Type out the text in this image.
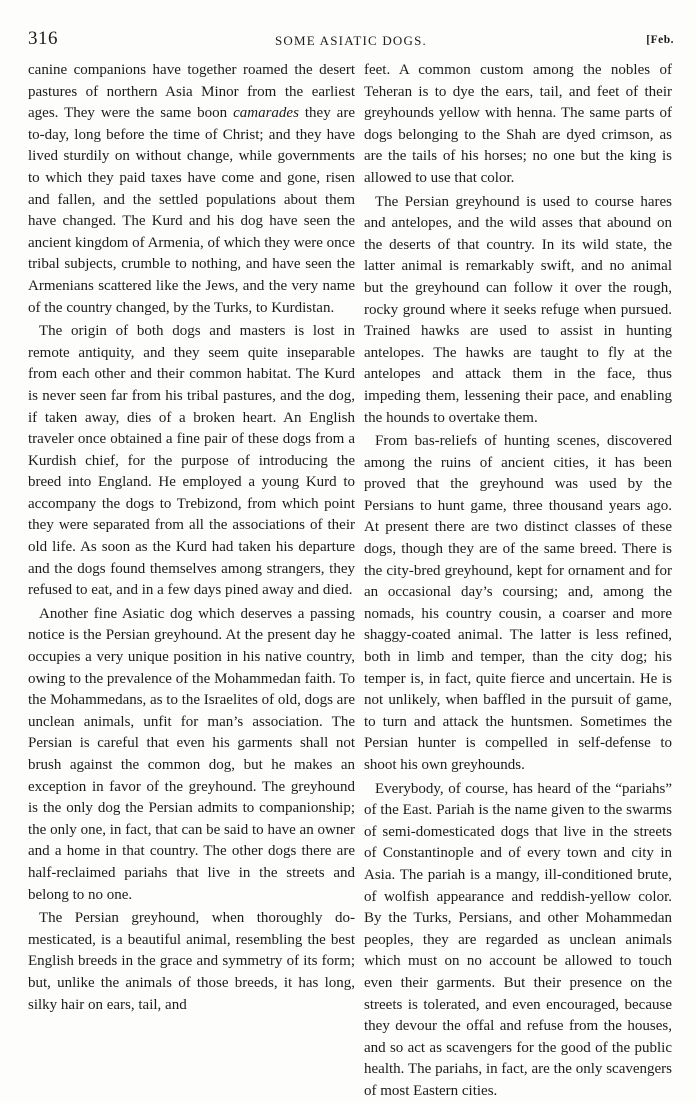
316	SOME ASIATIC DOGS.	[Feb.

canine companions have together roamed the desert pastures of northern Asia Minor from the earliest ages. They were the same boon camarades they are to-day, long before the time of Christ; and they have lived sturdily on without change, while governments to which they paid taxes have come and gone, risen and fallen, and the settled populations about them have changed. The Kurd and his dog have seen the ancient kingdom of Armenia, of which they were once tribal subjects, crumble to nothing, and have seen the Armenians scattered like the Jews, and the very name of the country changed, by the Turks, to Kurdistan.

The origin of both dogs and masters is lost in remote antiquity, and they seem quite inseparable from each other and their common habitat. The Kurd is never seen far from his tribal pastures, and the dog, if taken away, dies of a broken heart. An English traveler once obtained a fine pair of these dogs from a Kurdish chief, for the purpose of introducing the breed into England. He employed a young Kurd to accompany the dogs to Trebizond, from which point they were separated from all the associations of their old life. As soon as the Kurd had taken his departure and the dogs found themselves among strangers, they refused to eat, and in a few days pined away and died.

Another fine Asiatic dog which deserves a passing notice is the Persian greyhound. At the present day he occupies a very unique position in his native country, owing to the prevalence of the Mohammedan faith. To the Mohammedans, as to the Israelites of old, dogs are unclean animals, unfit for man’s association. The Persian is careful that even his garments shall not brush against the common dog, but he makes an exception in favor of the greyhound. The greyhound is the only dog the Persian admits to companionship; the only one, in fact, that can be said to have an owner and a home in that country. The other dogs there are half-reclaimed pariahs that live in the streets and belong to no one.

The Persian greyhound, when thoroughly domesticated, is a beautiful animal, resembling the best English breeds in the grace and symmetry of its form; but, unlike the animals of those breeds, it has long, silky hair on ears, tail, and

feet. A common custom among the nobles of Teheran is to dye the ears, tail, and feet of their greyhounds yellow with henna. The same parts of dogs belonging to the Shah are dyed crimson, as are the tails of his horses; no one but the king is allowed to use that color.

The Persian greyhound is used to course hares and antelopes, and the wild asses that abound on the deserts of that country. In its wild state, the latter animal is remarkably swift, and no animal but the greyhound can follow it over the rough, rocky ground where it seeks refuge when pursued. Trained hawks are used to assist in hunting antelopes. The hawks are taught to fly at the antelopes and attack them in the face, thus impeding them, lessening their pace, and enabling the hounds to overtake them.

From bas-reliefs of hunting scenes, discovered among the ruins of ancient cities, it has been proved that the greyhound was used by the Persians to hunt game, three thousand years ago. At present there are two distinct classes of these dogs, though they are of the same breed. There is the city-bred greyhound, kept for ornament and for an occasional day’s coursing; and, among the nomads, his country cousin, a coarser and more shaggy-coated animal. The latter is less refined, both in limb and temper, than the city dog; his temper is, in fact, quite fierce and uncertain. He is not unlikely, when baffled in the pursuit of game, to turn and attack the huntsmen. Sometimes the Persian hunter is compelled in self-defense to shoot his own greyhounds.

Everybody, of course, has heard of the “pariahs” of the East. Pariah is the name given to the swarms of semi-domesticated dogs that live in the streets of Constantinople and of every town and city in Asia. The pariah is a mangy, ill-conditioned brute, of wolfish appearance and reddish-yellow color. By the Turks, Persians, and other Mohammedan peoples, they are regarded as unclean animals which must on no account be allowed to touch even their garments. But their presence on the streets is tolerated, and even encouraged, because they devour the offal and refuse from the houses, and so act as scavengers for the good of the public health. The pariahs, in fact, are the only scavengers of most Eastern cities.
